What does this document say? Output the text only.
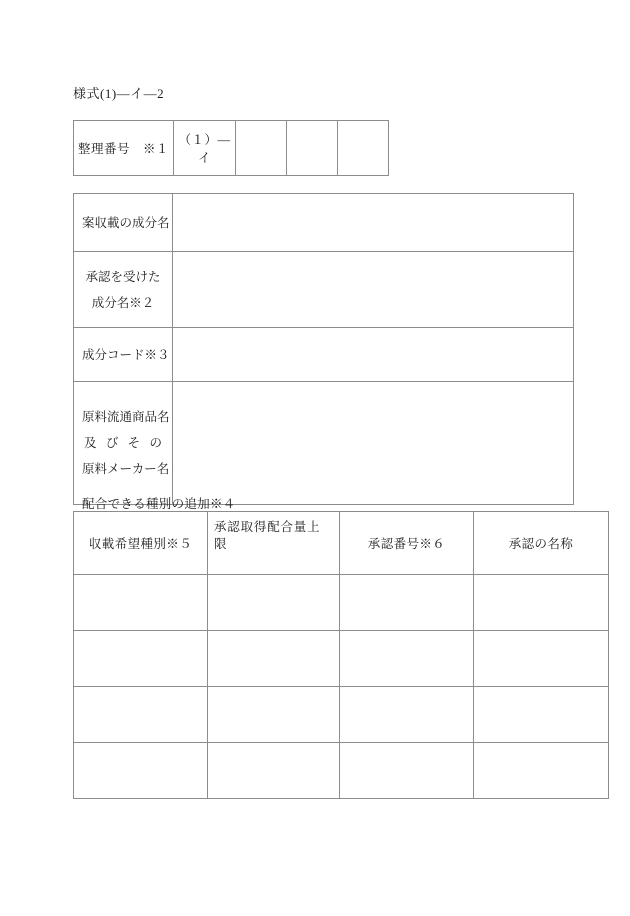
様式(1)—イ—2
整理番号　※１	（１）—イ			
案収載の成分名	

承認を受けた
成分名※２	

成分コード※３	

原料流通商品名
及 び そ の
原料メーカー名

配合できる種別の追加※４
収載希望種別※５	承認取得配合量上限	承認番号※６	承認の名称
